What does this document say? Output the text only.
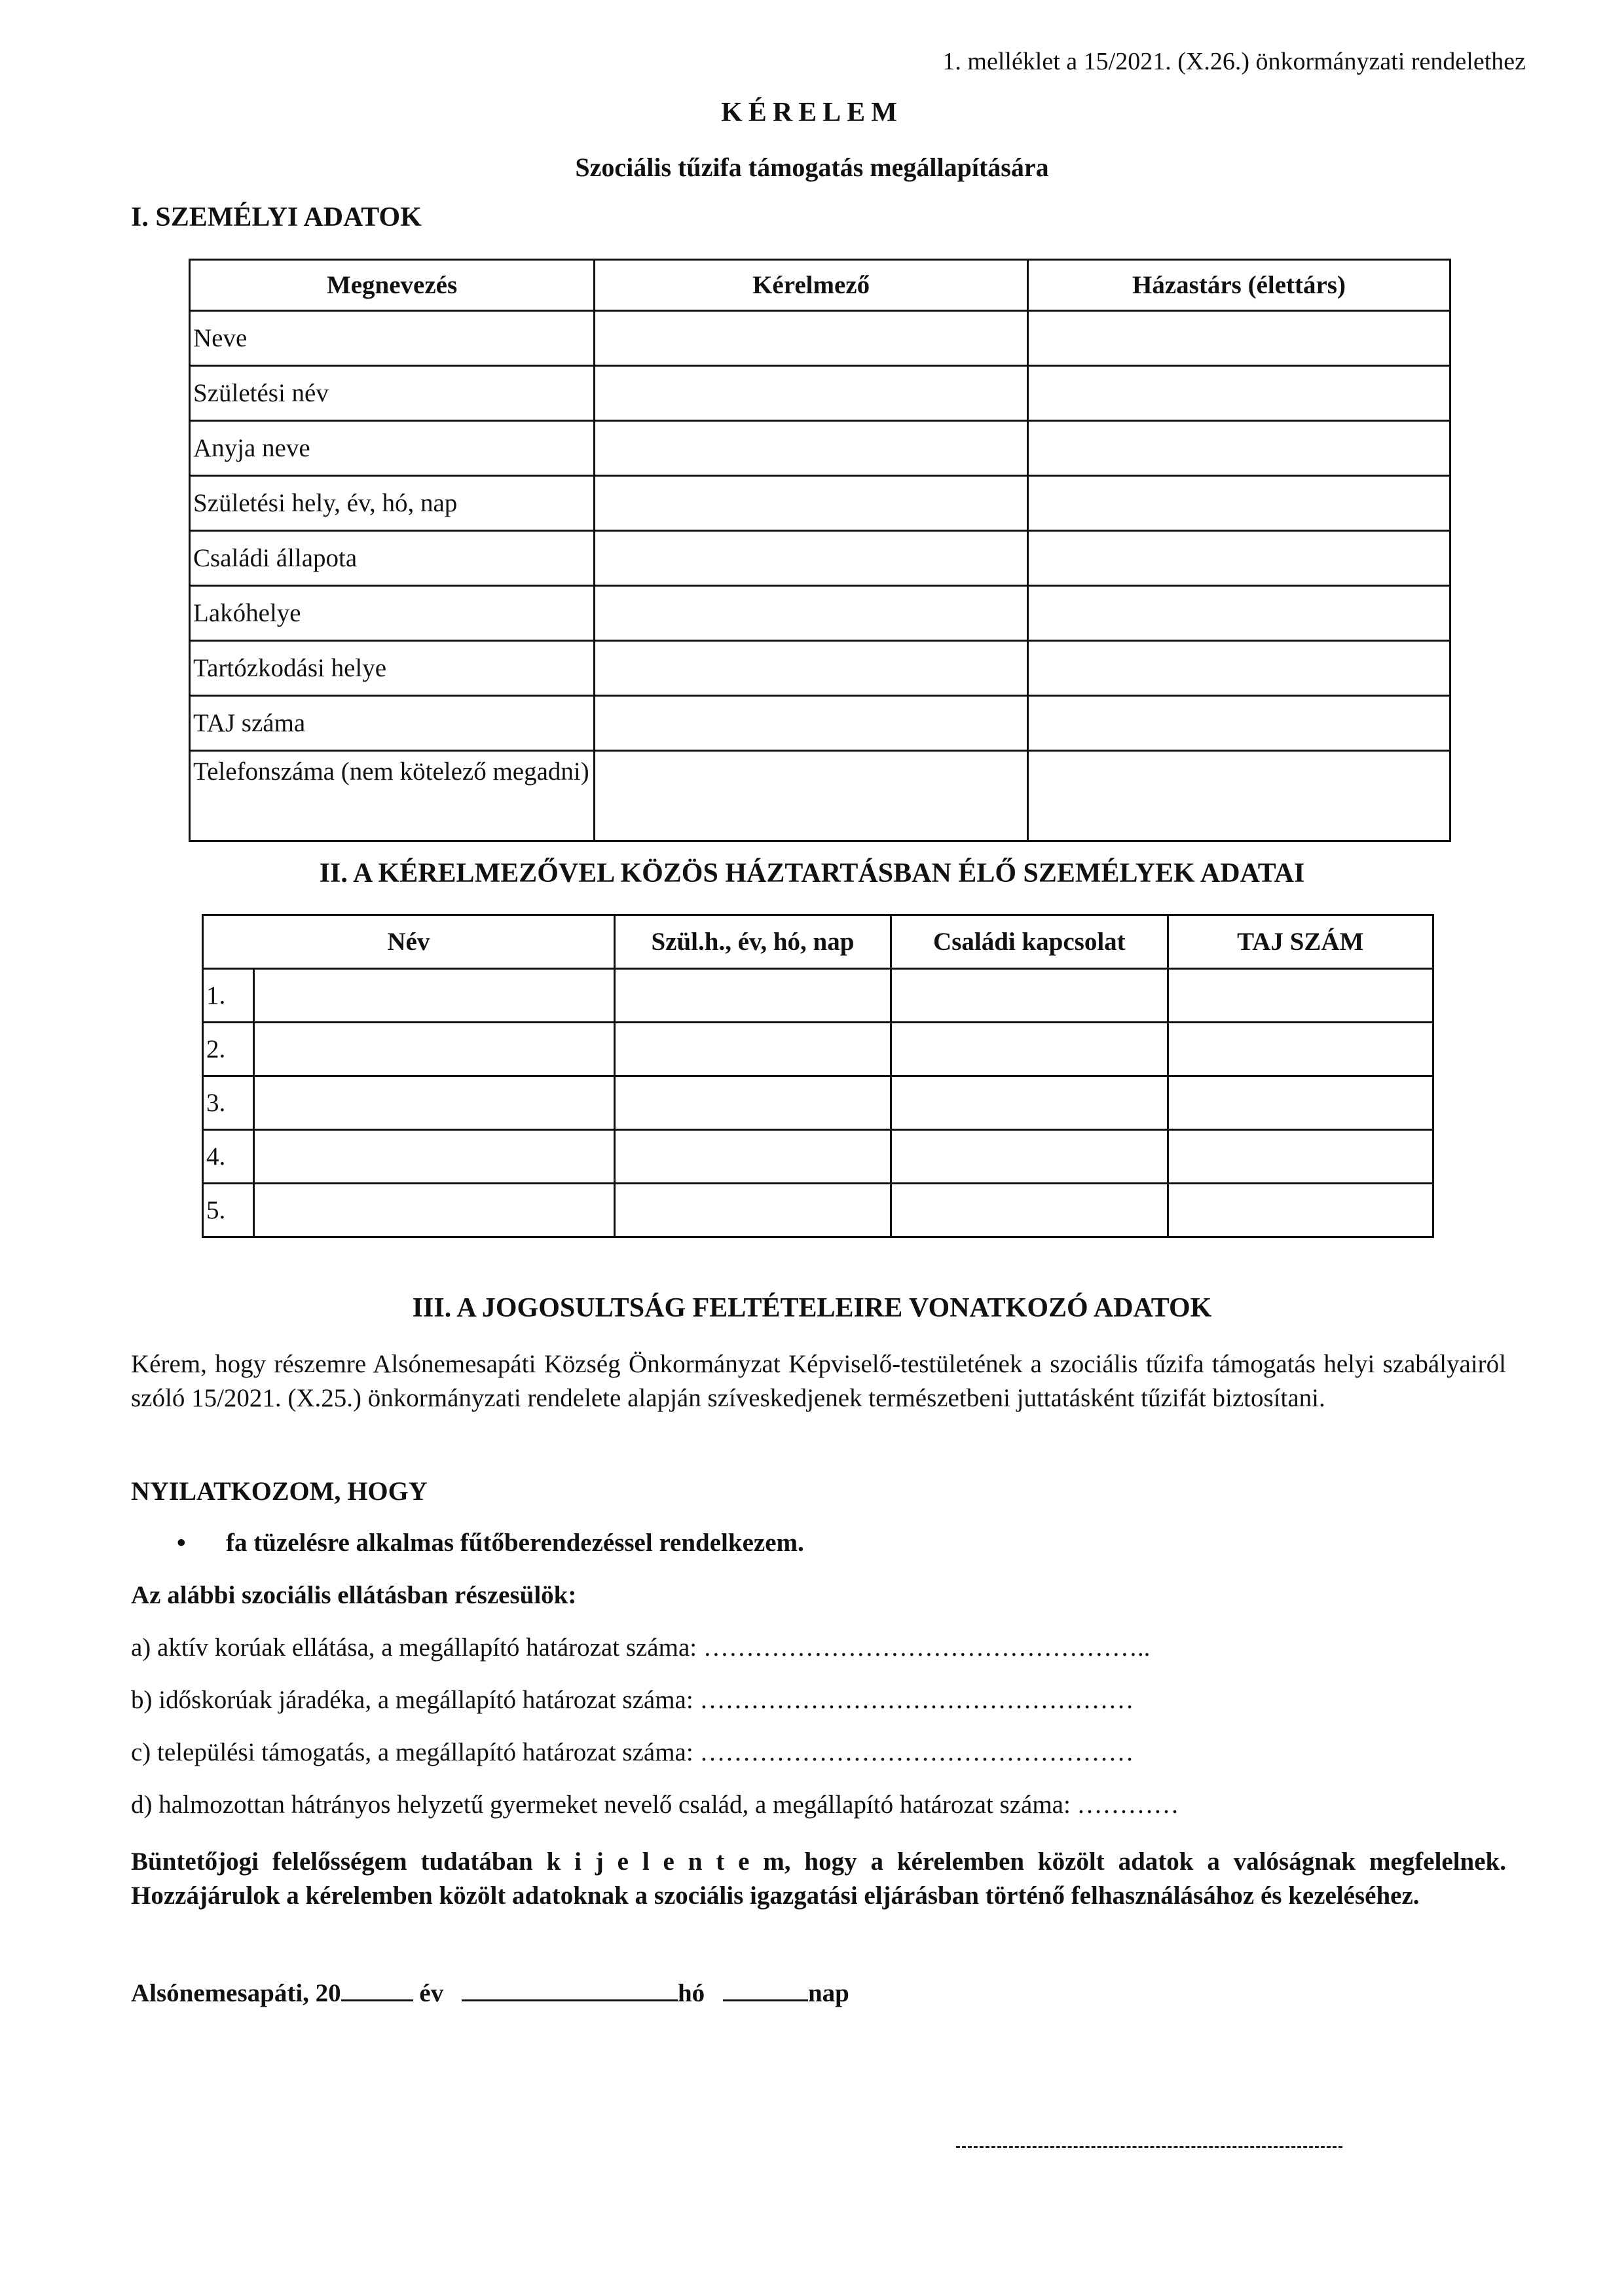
1. melléklet a 15/2021. (X.26.) önkormányzati rendelethez
KÉRELEM
Szociális tűzifa támogatás megállapítására
I. SZEMÉLYI ADATOK
Megnevezés	Kérelmező	Házastárs (élettárs)
Neve		
Születési név		
Anyja neve		
Születési hely, év, hó, nap		
Családi állapota		
Lakóhelye		
Tartózkodási helye		
TAJ száma		
Telefonszáma (nem kötelező megadni)		
II. A KÉRELMEZŐVEL KÖZÖS HÁZTARTÁSBAN ÉLŐ SZEMÉLYEK ADATAI
Név		Szül.h., év, hó, nap	Családi kapcsolat	TAJ SZÁM
1.				
2.				
3.				
4.				
5.				
III. A JOGOSULTSÁG FELTÉTELEIRE VONATKOZÓ ADATOK
Kérem, hogy részemre Alsónemesapáti Község Önkormányzat Képviselő-testületének a szociális tűzifa támogatás helyi szabályairól szóló 15/2021. (X.25.) önkormányzati rendelete alapján szíveskedjenek természetbeni juttatásként tűzifát biztosítani.
NYILATKOZOM, HOGY
• fa tüzelésre alkalmas fűtőberendezéssel rendelkezem.
Az alábbi szociális ellátásban részesülök:
a) aktív korúak ellátása, a megállapító határozat száma: ……………………………………………..
b) időskorúak járadéka, a megállapító határozat száma: ……………………………………………
c) települési támogatás, a megállapító határozat száma: ……………………………………………
d) halmozottan hátrányos helyzetű gyermeket nevelő család, a megállapító határozat száma: …………
Büntetőjogi felelősségem tudatában k i j e l e n t e m, hogy a kérelemben közölt adatok a valóságnak megfelelnek. Hozzájárulok a kérelemben közölt adatoknak a szociális igazgatási eljárásban történő felhasználásához és kezeléséhez.
Alsónemesapáti, 20	év	hó	nap
